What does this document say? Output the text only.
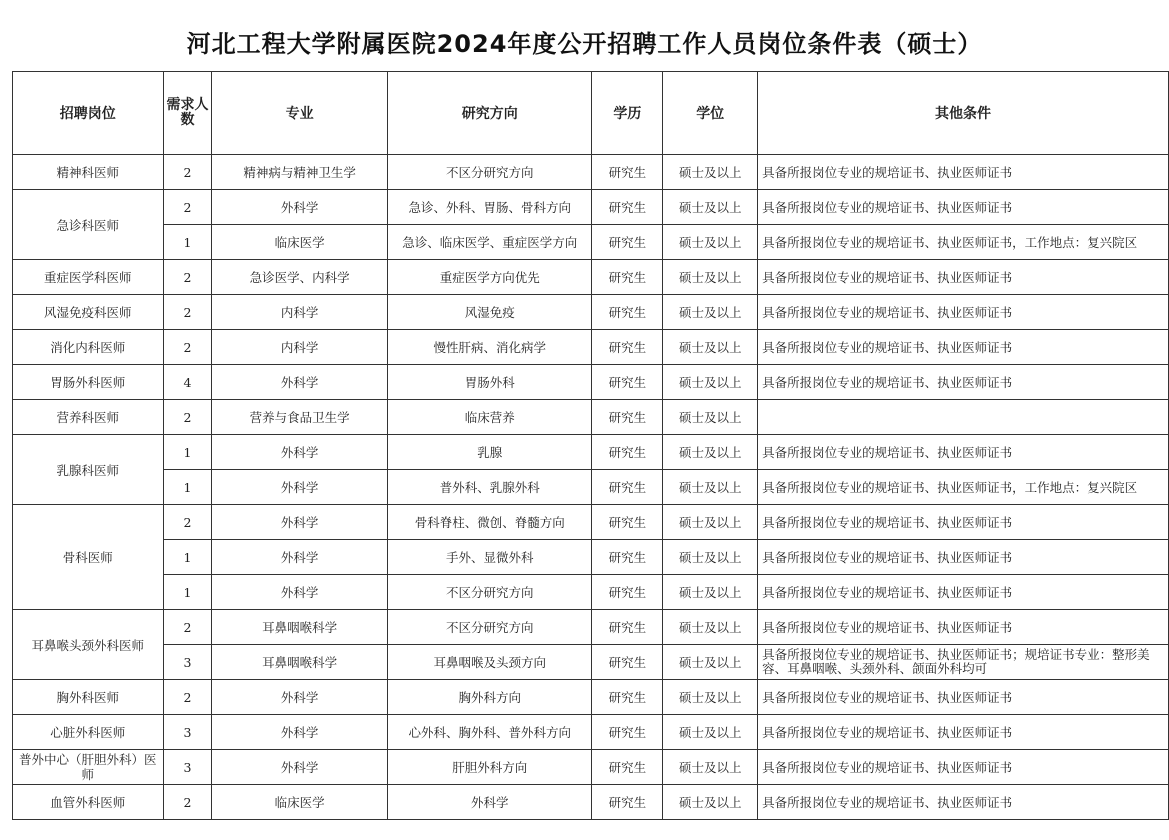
河北工程大学附属医院2024年度公开招聘工作人员岗位条件表（硕士）
招聘岗位	需求人数	专业	研究方向	学历	学位	其他条件
精神科医师	2	精神病与精神卫生学	不区分研究方向	研究生	硕士及以上	具备所报岗位专业的规培证书、执业医师证书
急诊科医师	2	外科学	急诊、外科、胃肠、骨科方向	研究生	硕士及以上	具备所报岗位专业的规培证书、执业医师证书
	1	临床医学	急诊、临床医学、重症医学方向	研究生	硕士及以上	具备所报岗位专业的规培证书、执业医师证书，工作地点：复兴院区
重症医学科医师	2	急诊医学、内科学	重症医学方向优先	研究生	硕士及以上	具备所报岗位专业的规培证书、执业医师证书
风湿免疫科医师	2	内科学	风湿免疫	研究生	硕士及以上	具备所报岗位专业的规培证书、执业医师证书
消化内科医师	2	内科学	慢性肝病、消化病学	研究生	硕士及以上	具备所报岗位专业的规培证书、执业医师证书
胃肠外科医师	4	外科学	胃肠外科	研究生	硕士及以上	具备所报岗位专业的规培证书、执业医师证书
营养科医师	2	营养与食品卫生学	临床营养	研究生	硕士及以上	
乳腺科医师	1	外科学	乳腺	研究生	硕士及以上	具备所报岗位专业的规培证书、执业医师证书
	1	外科学	普外科、乳腺外科	研究生	硕士及以上	具备所报岗位专业的规培证书、执业医师证书，工作地点：复兴院区
骨科医师	2	外科学	骨科脊柱、微创、脊髓方向	研究生	硕士及以上	具备所报岗位专业的规培证书、执业医师证书
	1	外科学	手外、显微外科	研究生	硕士及以上	具备所报岗位专业的规培证书、执业医师证书
	1	外科学	不区分研究方向	研究生	硕士及以上	具备所报岗位专业的规培证书、执业医师证书
耳鼻喉头颈外科医师	2	耳鼻咽喉科学	不区分研究方向	研究生	硕士及以上	具备所报岗位专业的规培证书、执业医师证书
	3	耳鼻咽喉科学	耳鼻咽喉及头颈方向	研究生	硕士及以上	具备所报岗位专业的规培证书、执业医师证书；规培证书专业：整形美容、耳鼻咽喉、头颈外科、颌面外科均可
胸外科医师	2	外科学	胸外科方向	研究生	硕士及以上	具备所报岗位专业的规培证书、执业医师证书
心脏外科医师	3	外科学	心外科、胸外科、普外科方向	研究生	硕士及以上	具备所报岗位专业的规培证书、执业医师证书
普外中心（肝胆外科）医师	3	外科学	肝胆外科方向	研究生	硕士及以上	具备所报岗位专业的规培证书、执业医师证书
血管外科医师	2	临床医学	外科学	研究生	硕士及以上	具备所报岗位专业的规培证书、执业医师证书
